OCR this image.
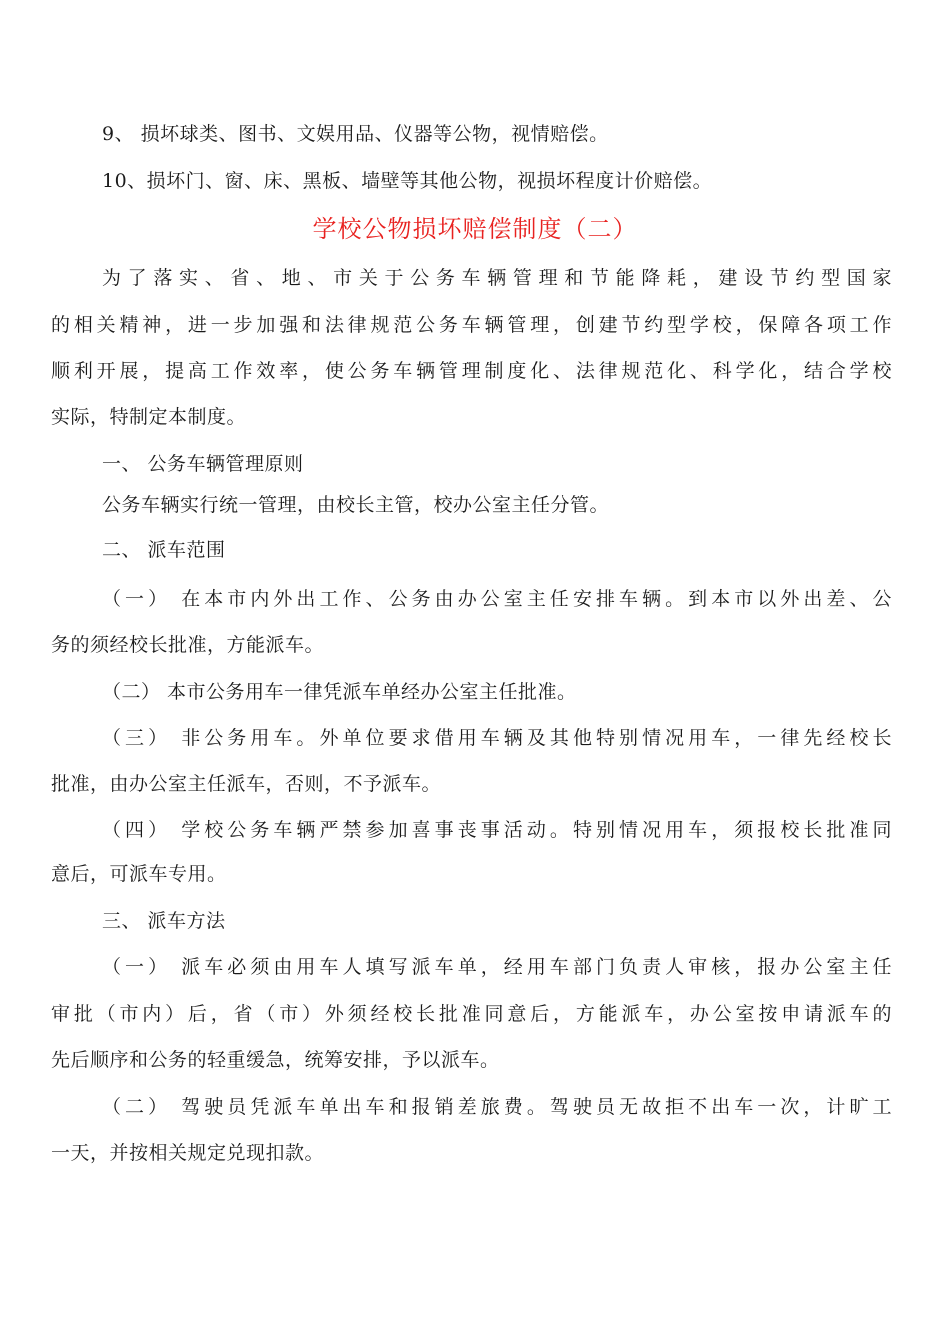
9、 损坏球类、图书、文娱用品、仪器等公物，视情赔偿。
10、损坏门、窗、床、黑板、墙壁等其他公物，视损坏程度计价赔偿。
学校公物损坏赔偿制度（二）
为了落实、省、地、市关于公务车辆管理和节能降耗，建设节约型国家
的相关精神，进一步加强和法律规范公务车辆管理，创建节约型学校，保障各项工作
顺利开展，提高工作效率，使公务车辆管理制度化、法律规范化、科学化，结合学校
实际，特制定本制度。
一、 公务车辆管理原则
公务车辆实行统一管理，由校长主管，校办公室主任分管。
二、 派车范围
（一） 在本市内外出工作、公务由办公室主任安排车辆。到本市以外出差、公
务的须经校长批准，方能派车。
（二） 本市公务用车一律凭派车单经办公室主任批准。
（三） 非公务用车。外单位要求借用车辆及其他特别情况用车，一律先经校长
批准，由办公室主任派车，否则，不予派车。
（四） 学校公务车辆严禁参加喜事丧事活动。特别情况用车，须报校长批准同
意后，可派车专用。
三、 派车方法
（一） 派车必须由用车人填写派车单，经用车部门负责人审核，报办公室主任
审批（市内）后，省（市）外须经校长批准同意后，方能派车，办公室按申请派车的
先后顺序和公务的轻重缓急，统筹安排，予以派车。
（二） 驾驶员凭派车单出车和报销差旅费。驾驶员无故拒不出车一次，计旷工
一天，并按相关规定兑现扣款。
